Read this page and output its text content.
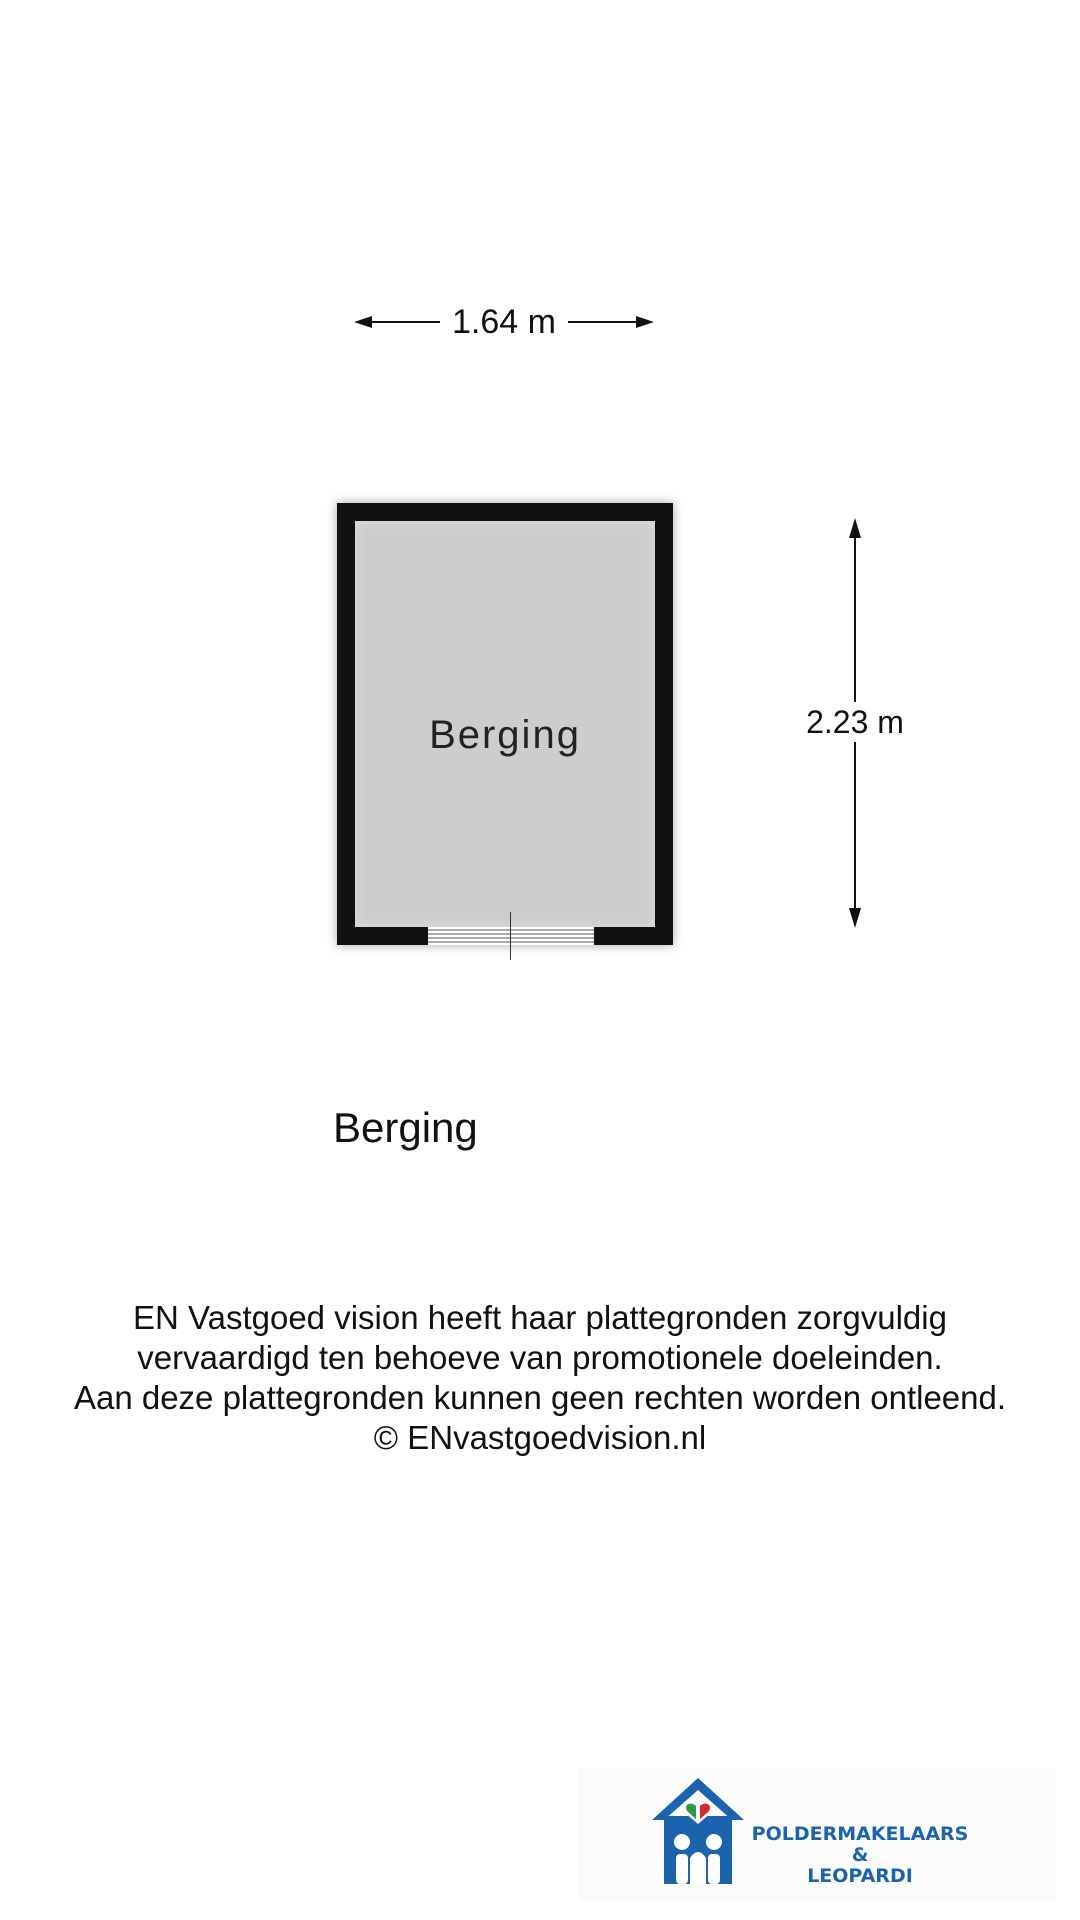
1.64 m
Berging	2.23 m
Berging
EN Vastgoed vision heeft haar plattegronden zorgvuldig
vervaardigd ten behoeve van promotionele doeleinden.
Aan deze plattegronden kunnen geen rechten worden ontleend.
© ENvastgoedvision.nl
POLDERMAKELAARS
&
LEOPARDI
